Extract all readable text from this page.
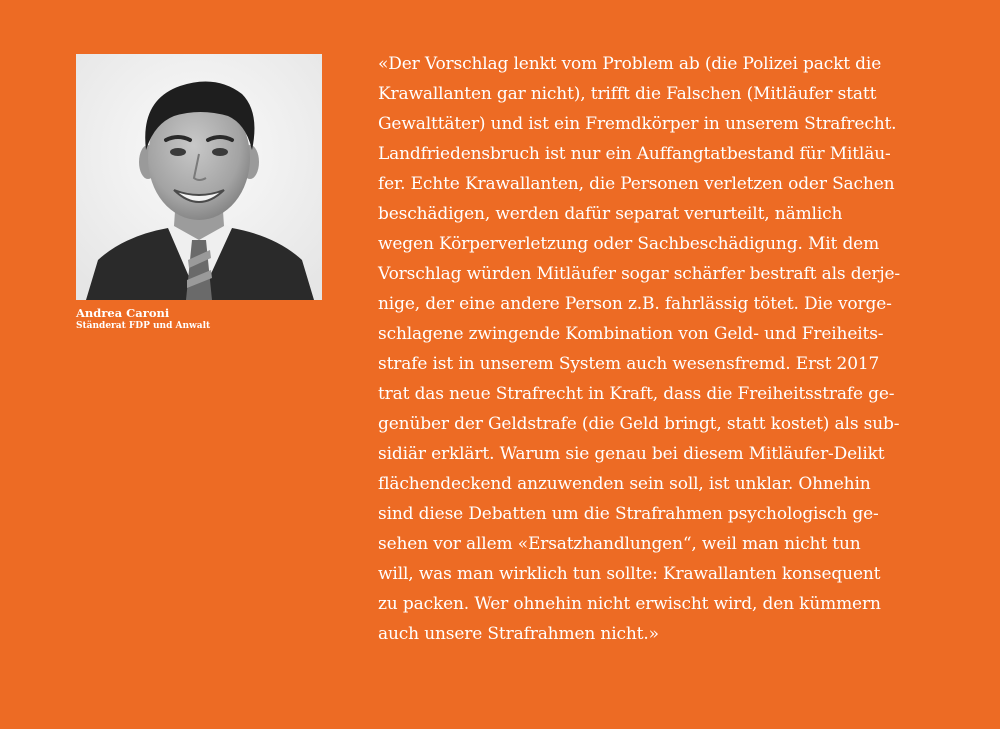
Andrea Caroni
Ständerat FDP und Anwalt
«Der Vorschlag lenkt vom Problem ab (die Polizei packt die
Krawallanten gar nicht), trifft die Falschen (Mitläufer statt
Gewalttäter) und ist ein Fremdkörper in unserem Strafrecht.
Landfriedensbruch ist nur ein Auffangtatbestand für Mitläu-
fer. Echte Krawallanten, die Personen verletzen oder Sachen
beschädigen, werden dafür separat verurteilt, nämlich
wegen Körperverletzung oder Sachbeschädigung. Mit dem
Vorschlag würden Mitläufer sogar schärfer bestraft als derje-
nige, der eine andere Person z.B. fahrlässig tötet. Die vorge-
schlagene zwingende Kombination von Geld- und Freiheits-
strafe ist in unserem System auch wesensfremd. Erst 2017
trat das neue Strafrecht in Kraft, dass die Freiheitsstrafe ge-
genüber der Geldstrafe (die Geld bringt, statt kostet) als sub-
sidiär erklärt. Warum sie genau bei diesem Mitläufer-Delikt
flächendeckend anzuwenden sein soll, ist unklar. Ohnehin
sind diese Debatten um die Strafrahmen psychologisch ge-
sehen vor allem «Ersatzhandlungen“, weil man nicht tun
will, was man wirklich tun sollte: Krawallanten konsequent
zu packen. Wer ohnehin nicht erwischt wird, den kümmern
auch unsere Strafrahmen nicht.»
